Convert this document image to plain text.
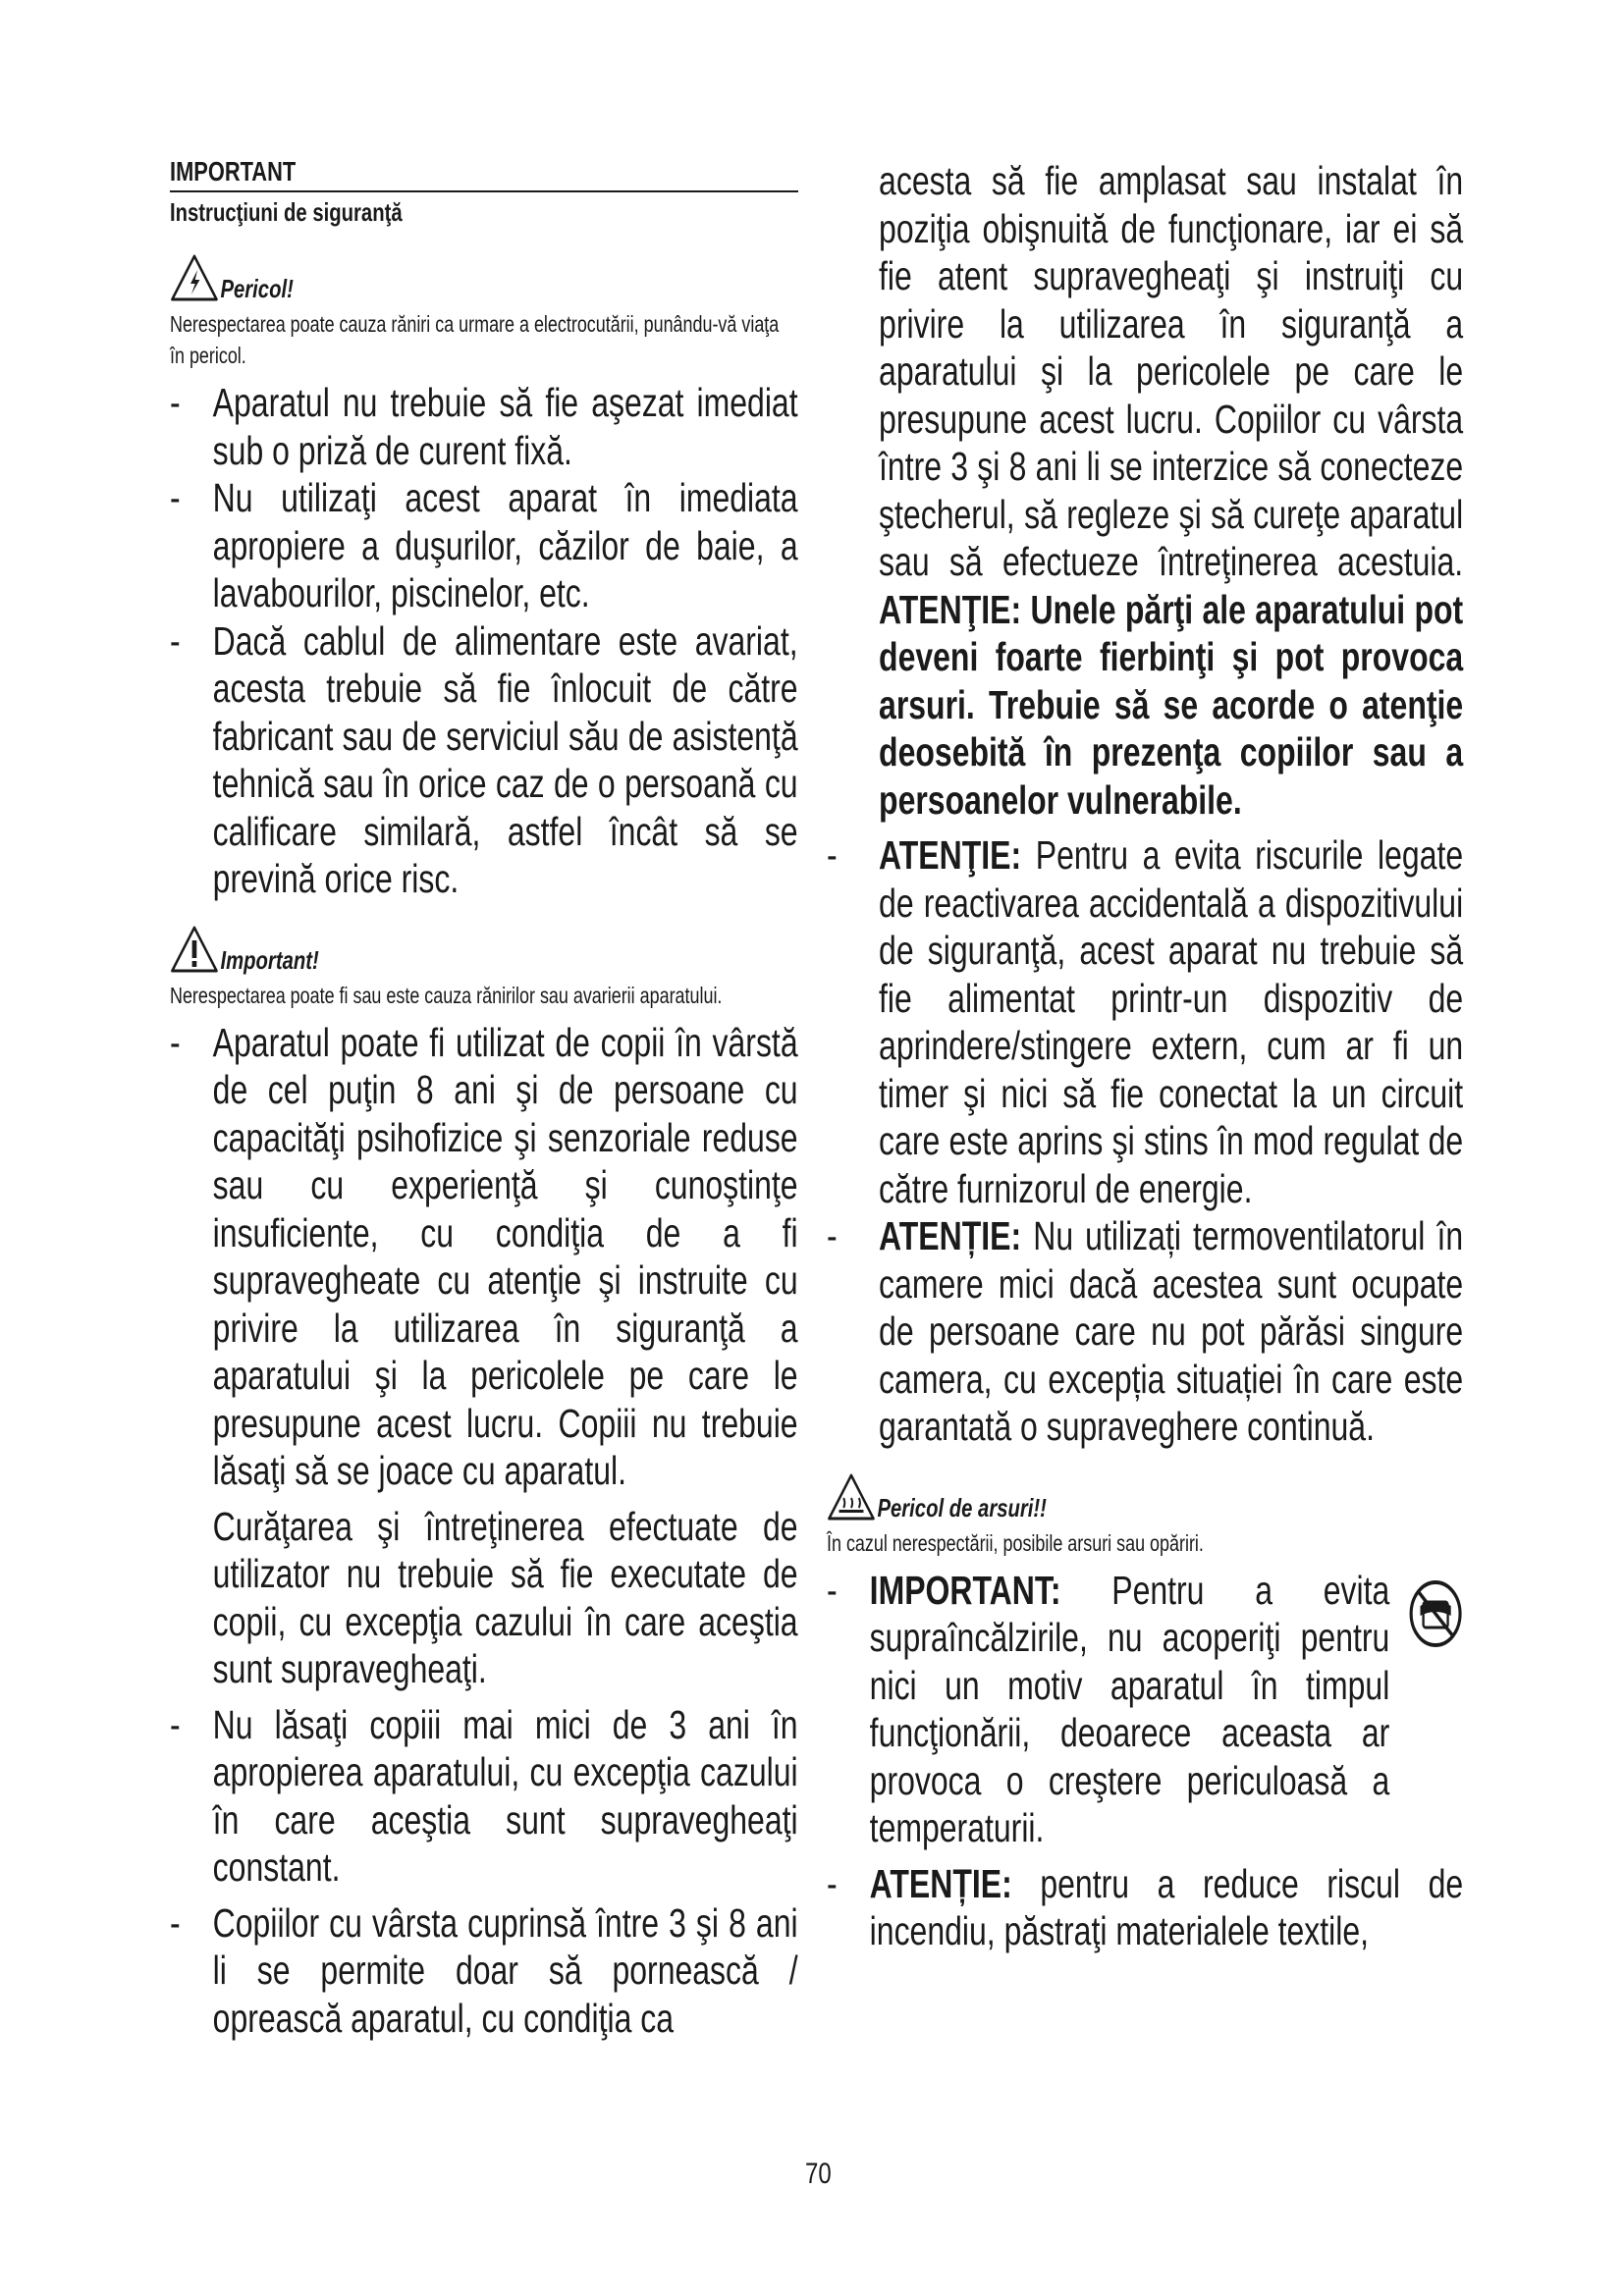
IMPORTANT

Instrucţiuni de siguranţă

Pericol!

Nerespectarea poate cauza răniri ca urmare a electrocutării, punându-vă viaţa în pericol.

- Aparatul nu trebuie să fie aşezat imediat sub o priză de curent fixă.
- Nu utilizaţi acest aparat în imediata apropiere a duşurilor, căzilor de baie, a lavabourilor, piscinelor, etc.
- Dacă cablul de alimentare este avariat, acesta trebuie să fie înlocuit de către fabricant sau de serviciul său de asistenţă tehnică sau în orice caz de o persoană cu calificare similară, astfel încât să se prevină orice risc.
Important!

Nerespectarea poate fi sau este cauza rănirilor sau avarierii aparatului.

- Aparatul poate fi utilizat de copii în vârstă de cel puţin 8 ani şi de persoane cu capacităţi psihofizice şi senzoriale reduse sau cu experienţă şi cunoştinţe insuficiente, cu condiţia de a fi supravegheate cu atenţie şi instruite cu privire la utilizarea în siguranţă a aparatului şi la pericolele pe care le presupune acest lucru. Copiii nu trebuie lăsaţi să se joace cu aparatul.

Curăţarea şi întreţinerea efectuate de utilizator nu trebuie să fie executate de copii, cu excepţia cazului în care aceştia sunt supravegheaţi.

- Nu lăsaţi copiii mai mici de 3 ani în apropierea aparatului, cu excepţia cazului în care aceştia sunt supravegheaţi constant.
- Copiilor cu vârsta cuprinsă între 3 şi 8 ani li se permite doar să pornească / oprească aparatul, cu condiţia ca

acesta să fie amplasat sau instalat în poziţia obişnuită de funcţionare, iar ei să fie atent supravegheaţi şi instruiţi cu privire la utilizarea în siguranţă a aparatului şi la pericolele pe care le presupune acest lucru. Copiilor cu vârsta între 3 şi 8 ani li se interzice să conecteze ştecherul, să regleze şi să cureţe aparatul sau să efectueze întreţinerea acestuia. ATENŢIE: Unele părţi ale aparatului pot deveni foarte fierbinţi şi pot provoca arsuri. Trebuie să se acorde o atenţie deosebită în prezenţa copiilor sau a persoanelor vulnerabile.

-	ATENŢIE: Pentru a evita riscurile legate de reactivarea accidentală a dispozitivului de siguranţă, acest aparat nu trebuie să fie alimentat printr-un dispozitiv de aprindere/stingere extern, cum ar fi un timer şi nici să fie conectat la un circuit care este aprins şi stins în mod regulat de către furnizorul de energie.
-	ATENȚIE: Nu utilizați termoventilatorul în camere mici dacă acestea sunt ocupate de persoane care nu pot părăsi singure camera, cu excepția situației în care este garantată o supraveghere continuă.
Pericol de arsuri!!

În cazul nerespectării, posibile arsuri sau opăriri.

- IMPORTANT: Pentru a evita supraîncălzirile, nu acoperiţi pentru nici un motiv aparatul în timpul funcţionării, deoarece aceasta ar provoca o creştere periculoasă a temperaturii.
- ATENȚIE: pentru a reduce riscul de incendiu, păstraţi materialele textile,
70
